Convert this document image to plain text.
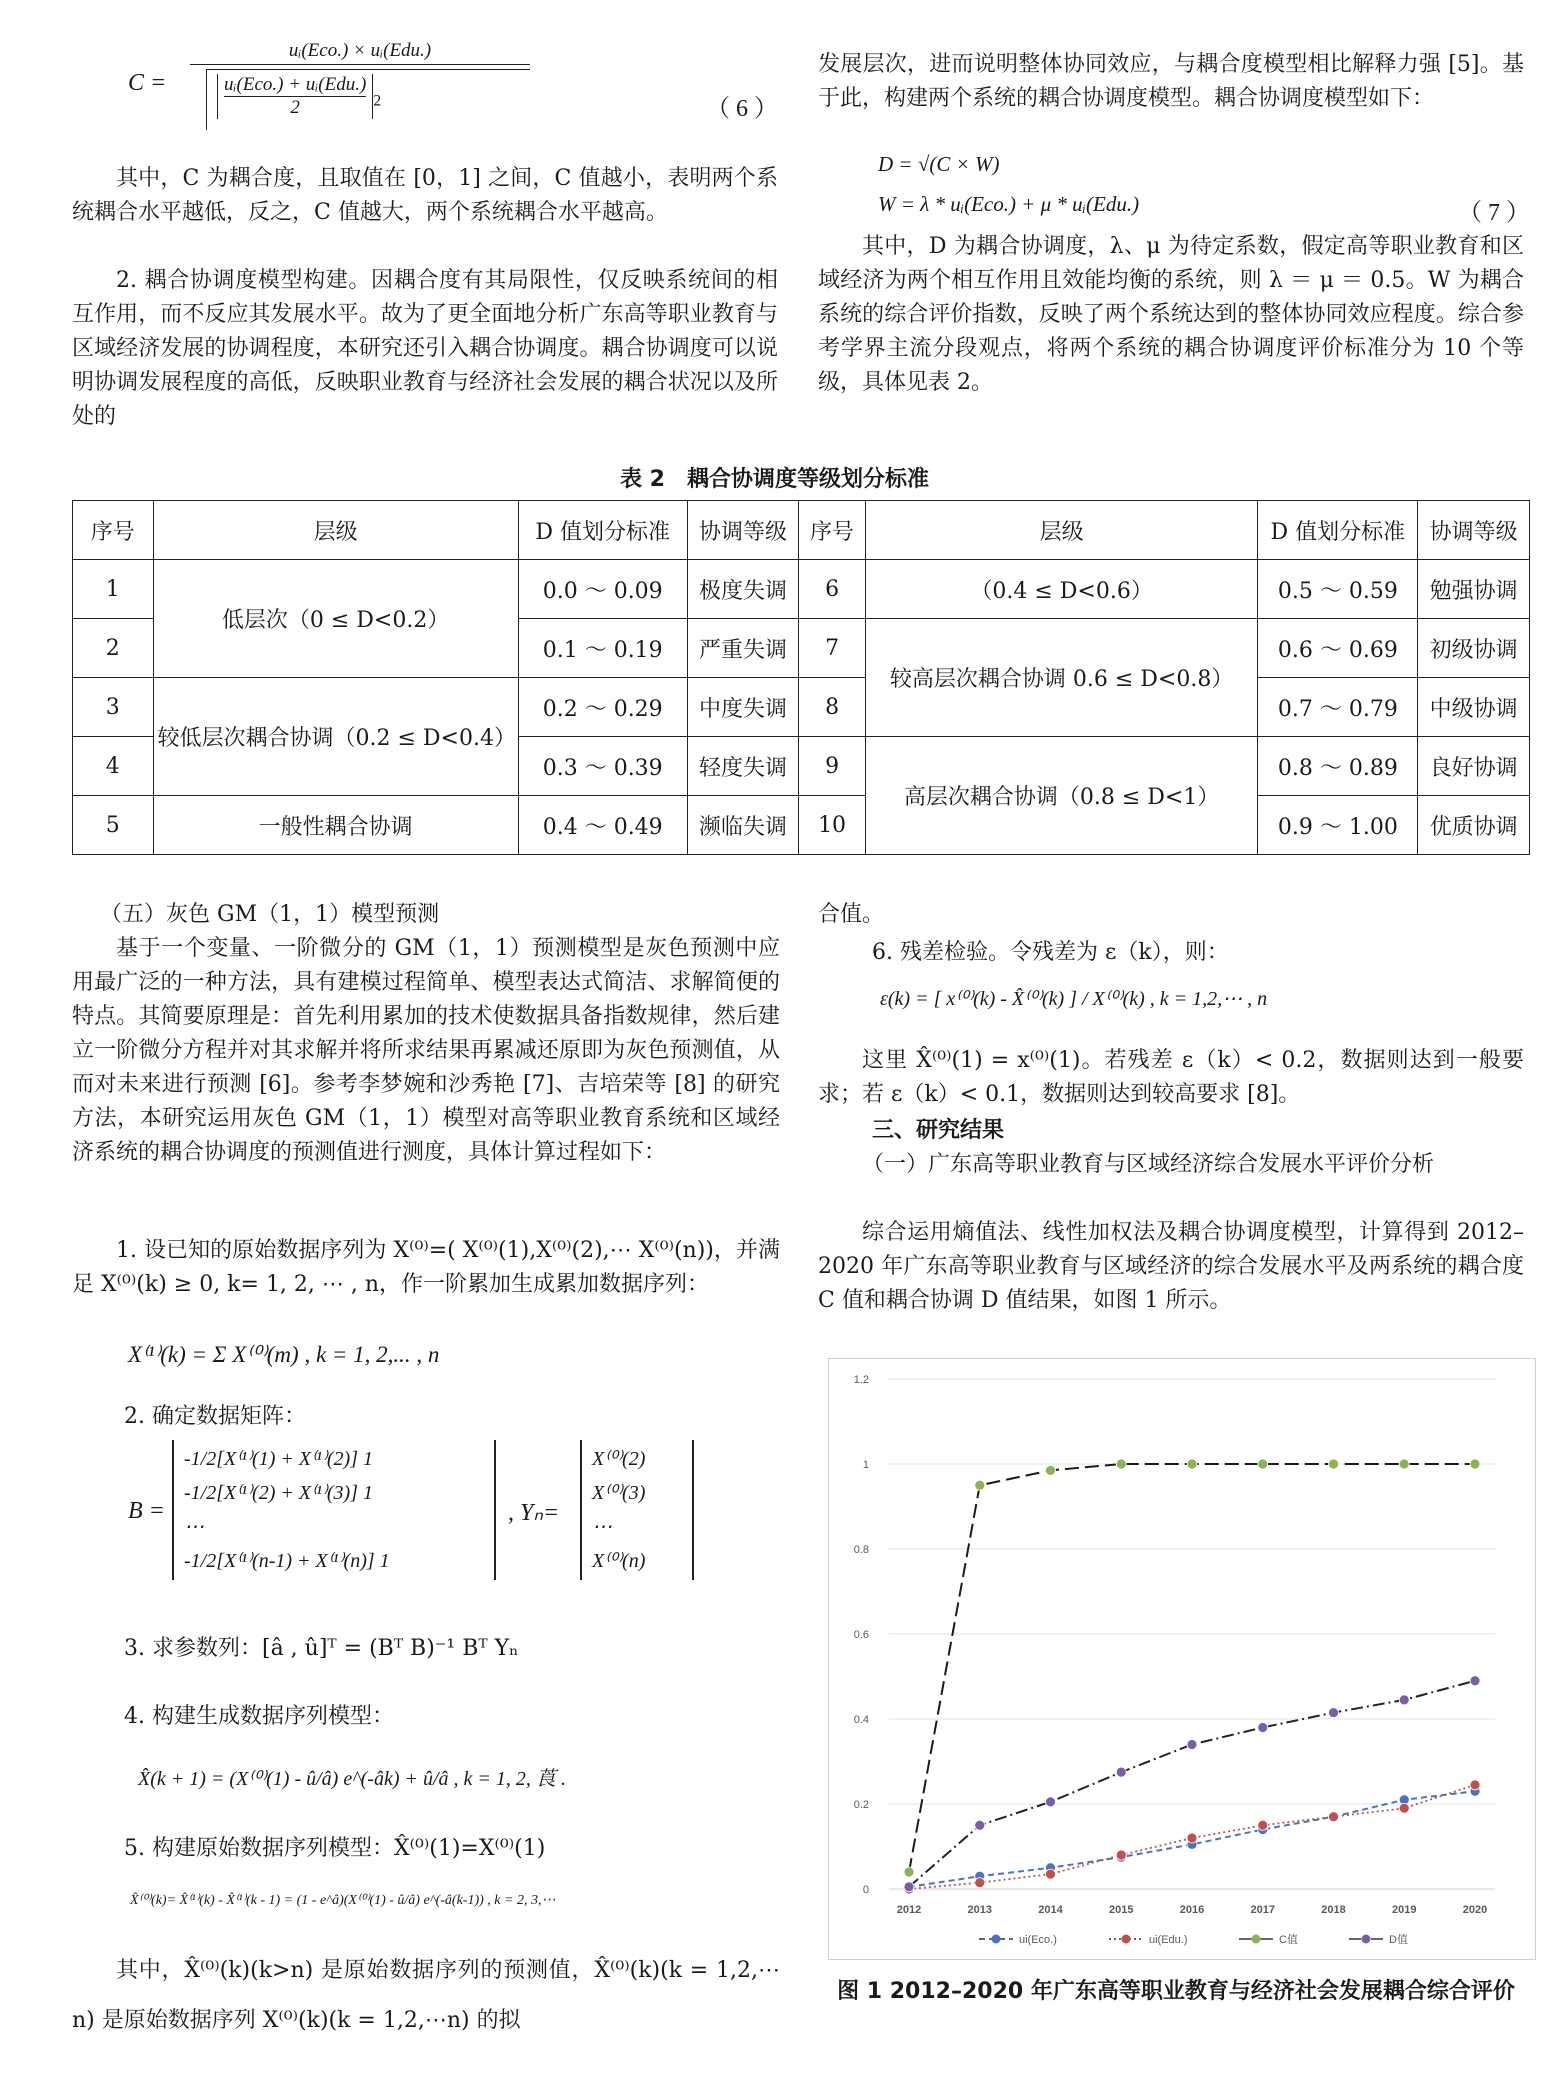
C =
uᵢ(Eco.) × uᵢ(Edu.)
uᵢ(Eco.) + uᵢ(Edu.)
2	$^2$	（ 6 ）

其中，C 为耦合度，且取值在 [0，1] 之间，C 值越小，表明两个系统耦合水平越低，反之，C 值越大，两个系统耦合水平越高。

2. 耦合协调度模型构建。因耦合度有其局限性，仅反映系统间的相互作用，而不反应其发展水平。故为了更全面地分析广东高等职业教育与区域经济发展的协调程度，本研究还引入耦合协调度。耦合协调度可以说明协调发展程度的高低，反映职业教育与经济社会发展的耦合状况以及所处的

发展层次，进而说明整体协同效应，与耦合度模型相比解释力强 [5]。基于此，构建两个系统的耦合协调度模型。耦合协调度模型如下：

D = √(C × W)
W = λ * uᵢ(Eco.) + μ * uᵢ(Edu.)	（ 7 ）

其中，D 为耦合协调度，λ、μ 为待定系数，假定高等职业教育和区域经济为两个相互作用且效能均衡的系统，则 λ ＝ μ ＝ 0.5。W 为耦合系统的综合评价指数，反映了两个系统达到的整体协同效应程度。综合参考学界主流分段观点，将两个系统的耦合协调度评价标准分为 10 个等级，具体见表 2。

表 2　耦合协调度等级划分标准
序号	层级	D 值划分标准	协调等级	序号	层级	D 值划分标准	协调等级
1	低层次（0 ≤ D<0.2）	0.0 ～ 0.09	极度失调	6	（0.4 ≤ D<0.6）	0.5 ～ 0.59	勉强协调
2		0.1 ～ 0.19	严重失调	7	较高层次耦合协调 0.6 ≤ D<0.8）	0.6 ～ 0.69	初级协调
3	较低层次耦合协调（0.2 ≤ D<0.4）	0.2 ～ 0.29	中度失调	8		0.7 ～ 0.79	中级协调
4		0.3 ～ 0.39	轻度失调	9	高层次耦合协调（0.8 ≤ D<1）	0.8 ～ 0.89	良好协调
5	一般性耦合协调	0.4 ～ 0.49	濒临失调	10		0.9 ～ 1.00	优质协调
（五）灰色 GM（1，1）模型预测

基于一个变量、一阶微分的 GM（1，1）预测模型是灰色预测中应用最广泛的一种方法，具有建模过程简单、模型表达式简洁、求解简便的特点。其简要原理是：首先利用累加的技术使数据具备指数规律，然后建立一阶微分方程并对其求解并将所求结果再累减还原即为灰色预测值，从而对未来进行预测 [6]。参考李梦婉和沙秀艳 [7]、吉培荣等 [8] 的研究方法，本研究运用灰色 GM（1，1）模型对高等职业教育系统和区域经济系统的耦合协调度的预测值进行测度，具体计算过程如下：

1. 设已知的原始数据序列为 X⁽⁰⁾=( X⁽⁰⁾(1),X⁽⁰⁾(2),⋯ X⁽⁰⁾(n))，并满足 X⁽⁰⁾(k) ≥ 0, k= 1, 2, ⋯ , n，作一阶累加生成累加数据序列：

X⁽¹⁾(k) = Σ X⁽⁰⁾(m) , k = 1, 2,... , n
2. 确定数据矩阵：
B =
-1/2[X⁽¹⁾(1) + X⁽¹⁾(2)] 1
-1/2[X⁽¹⁾(2) + X⁽¹⁾(3)] 1
⋯
-1/2[X⁽¹⁾(n-1) + X⁽¹⁾(n)] 1
, Yₙ=
X⁽⁰⁾(2)
X⁽⁰⁾(3)
⋯
X⁽⁰⁾(n)
3. 求参数列：[â , û]ᵀ = (Bᵀ B)⁻¹ Bᵀ Yₙ
4. 构建生成数据序列模型：
X̂(k + 1) = (X⁽⁰⁾(1) - û/â) e^(-âk) + û/â , k = 1, 2, 莨 .
5. 构建原始数据序列模型：X̂⁽⁰⁾(1)=X⁽⁰⁾(1)
X̂⁽⁰⁾(k)= X̂⁽¹⁾(k) - X̂⁽¹⁾(k - 1) = (1 - e^â)(X⁽⁰⁾(1) - û/â) e^(-â(k-1)) , k = 2, 3,⋯

其中，X̂⁽⁰⁾(k)(k>n) 是原始数据序列的预测值，X̂⁽⁰⁾(k)(k = 1,2,⋯n) 是原始数据序列 X⁽⁰⁾(k)(k = 1,2,⋯n) 的拟

合值。
6. 残差检验。令残差为 ε（k），则：
ε(k) = [ x⁽⁰⁾(k) - X̂⁽⁰⁾(k) ] / X⁽⁰⁾(k) , k = 1,2,⋯ , n

这里 X̂⁽⁰⁾(1) = x⁽⁰⁾(1)。若残差 ε（k）< 0.2，数据则达到一般要求；若 ε（k）< 0.1，数据则达到较高要求 [8]。

三、研究结果

（一）广东高等职业教育与区域经济综合发展水平评价分析

综合运用熵值法、线性加权法及耦合协调度模型，计算得到 2012–2020 年广东高等职业教育与区域经济的综合发展水平及两系统的耦合度 C 值和耦合协调 D 值结果，如图 1 所示。

0
0.2
0.4
0.6
0.8
1
1.2
2012	2013	2014	2015	2016	2017	2018	2019	2020
ui(Eco.)	ui(Edu.)	C值	D值
图 1 2012–2020 年广东高等职业教育与经济社会发展耦合综合评价
